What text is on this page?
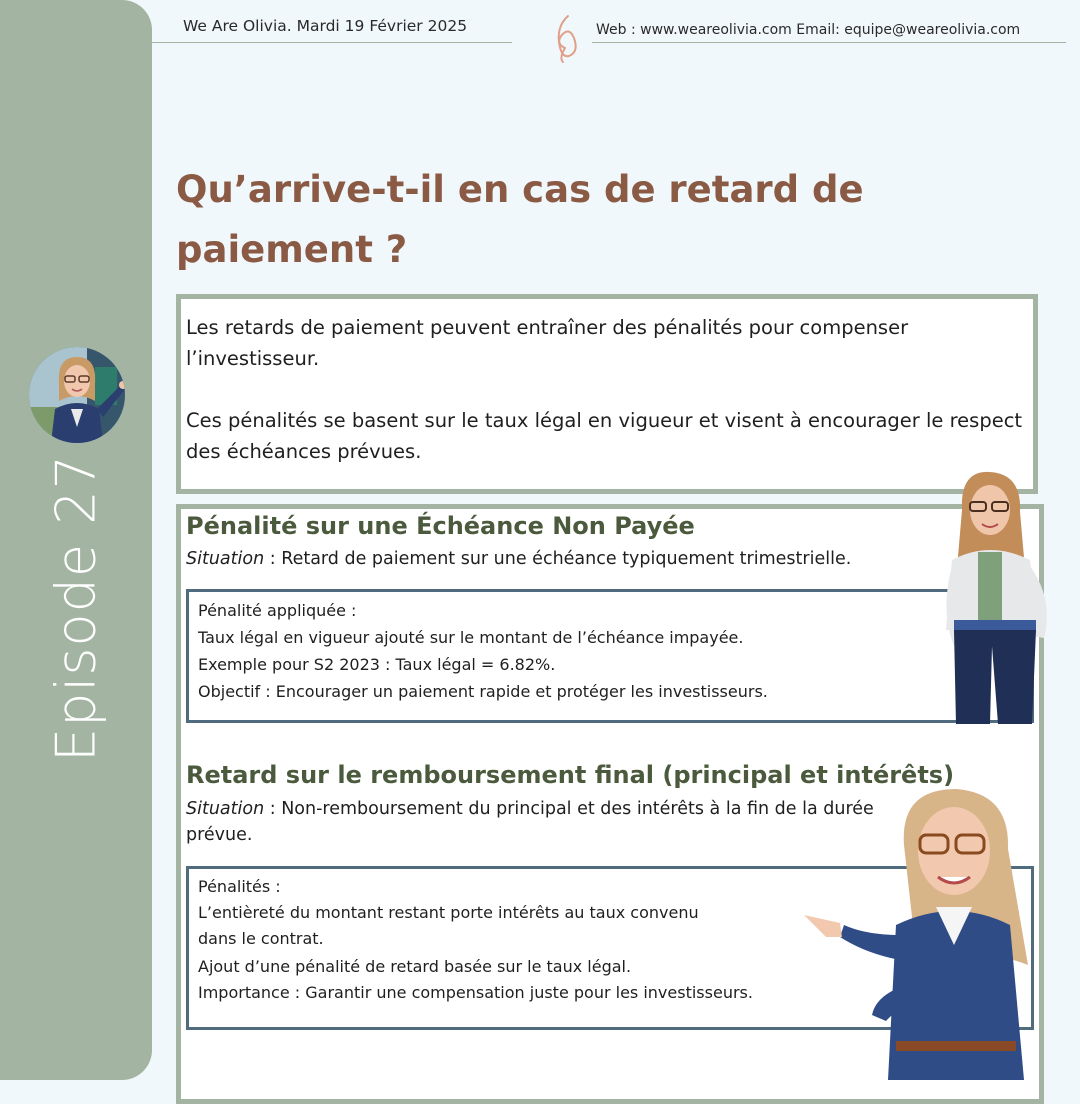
Episode 27
We Are Olivia. Mardi 19 Février 2025	Web : www.weareolivia.com Email: equipe@weareolivia.com
Qu’arrive-t-il en cas de retard de paiement ?

Les retards de paiement peuvent entraîner des pénalités pour compenser l’investisseur.

Ces pénalités se basent sur le taux légal en vigueur et visent à encourager le respect des échéances prévues.

Pénalité sur une Échéance Non Payée

Situation : Retard de paiement sur une échéance typiquement trimestrielle.

Pénalité appliquée :
Taux légal en vigueur ajouté sur le montant de l’échéance impayée.
Exemple pour S2 2023 : Taux légal = 6.82%.
Objectif : Encourager un paiement rapide et protéger les investisseurs.
Retard sur le remboursement final (principal et intérêts)

Situation : Non-remboursement du principal et des intérêts à la fin de la durée prévue.

Pénalités :
L’entièreté du montant restant porte intérêts au taux convenu
dans le contrat.
Ajout d’une pénalité de retard basée sur le taux légal.
Importance : Garantir une compensation juste pour les investisseurs.
